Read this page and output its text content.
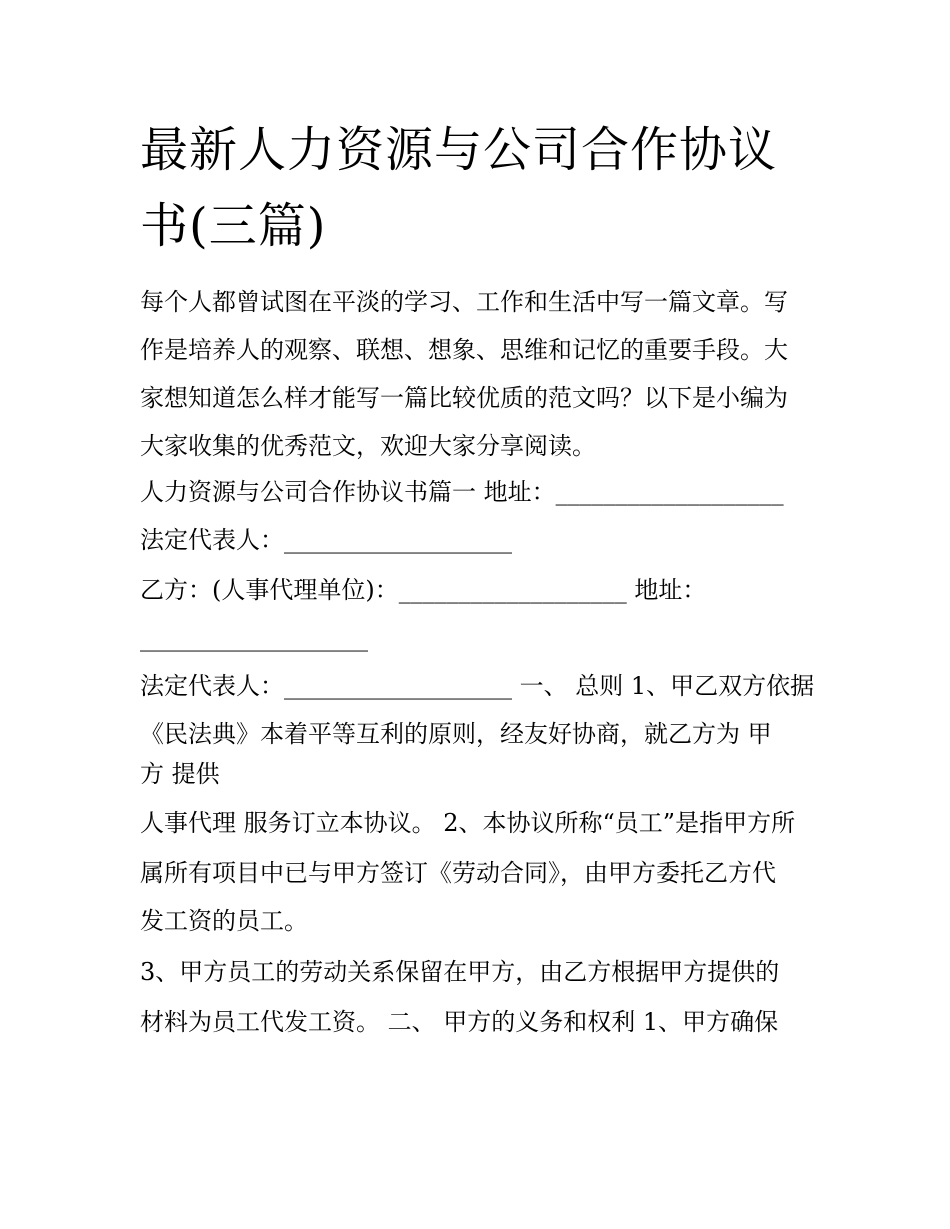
最新人力资源与公司合作协议
书(三篇)

每个人都曾试图在平淡的学习、工作和生活中写一篇文章。写

作是培养人的观察、联想、想象、思维和记忆的重要手段。大

家想知道怎么样才能写一篇比较优质的范文吗？以下是小编为

大家收集的优秀范文，欢迎大家分享阅读。

人力资源与公司合作协议书篇一 地址：___________________

法定代表人：___________________

乙方：(人事代理单位)：___________________ 地址：

___________________

法定代表人：___________________ 一、 总则 1、甲乙双方依据

《民法典》本着平等互利的原则，经友好协商，就乙方为 甲

方 提供

人事代理 服务订立本协议。 2、本协议所称“员工”是指甲方所

属所有项目中已与甲方签订《劳动合同》，由甲方委托乙方代

发工资的员工。

3、甲方员工的劳动关系保留在甲方，由乙方根据甲方提供的

材料为员工代发工资。 二、 甲方的义务和权利 1、甲方确保
